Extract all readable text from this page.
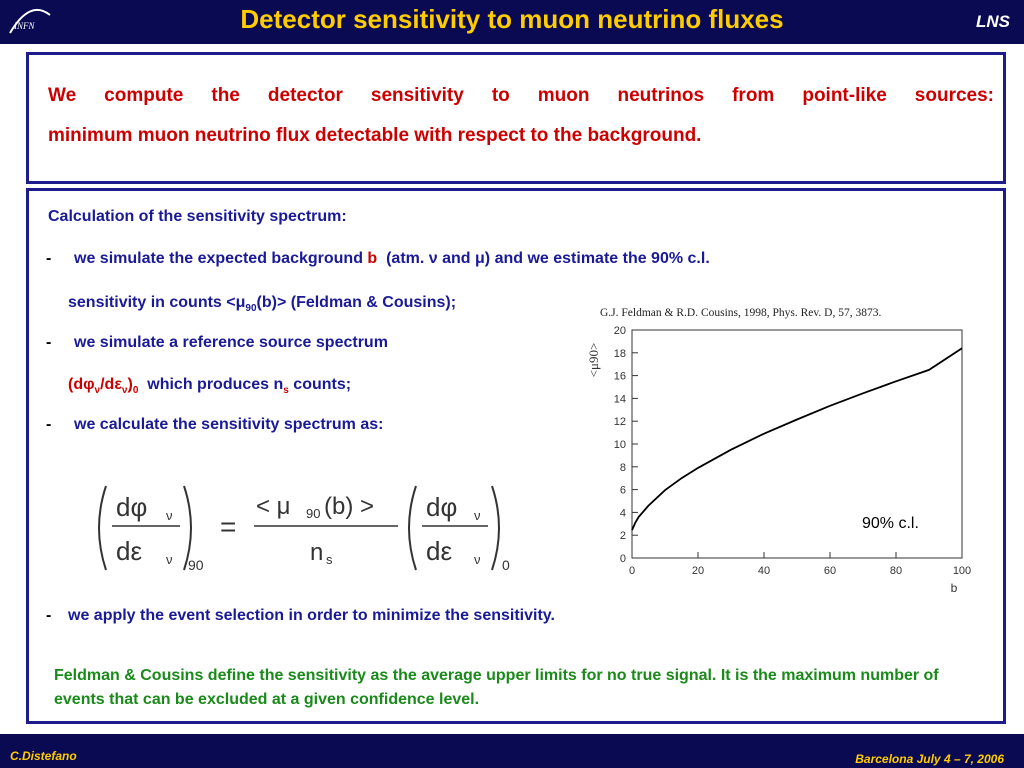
INFN	Detector sensitivity to muon neutrino fluxes	LNS
We compute the detector sensitivity to muon neutrinos from point-like sources:
minimum muon neutrino flux detectable with respect to the background.
Calculation of the sensitivity spectrum:
- we simulate the expected background b (atm. ν and μ) and we estimate the 90% c.l.
sensitivity in counts $<\mu_{90}(b)>$ (Feldman & Cousins);
- we simulate a reference source spectrum
$(d\varphi_\nu/d\varepsilon_\nu)_0$ which produces $n_s$ counts;
- we calculate the sensitivity spectrum as:
dφ ν
dε ν 90
=
< μ 90 (b) >
n s
dφ ν
dε ν 0
G.J. Feldman & R.D. Cousins, 1998, Phys. Rev. D, 57, 3873.
0	20	40	60	80	100
0
2
4
6
8
10
12
14
16
18
20
b
<μ90>
90% c.l.
- we apply the event selection in order to minimize the sensitivity.
Feldman & Cousins define the sensitivity as the average upper limits for no true signal. It is the maximum number of events that can be excluded at a given confidence level.
C.Distefano	Barcelona July 4 – 7, 2006
